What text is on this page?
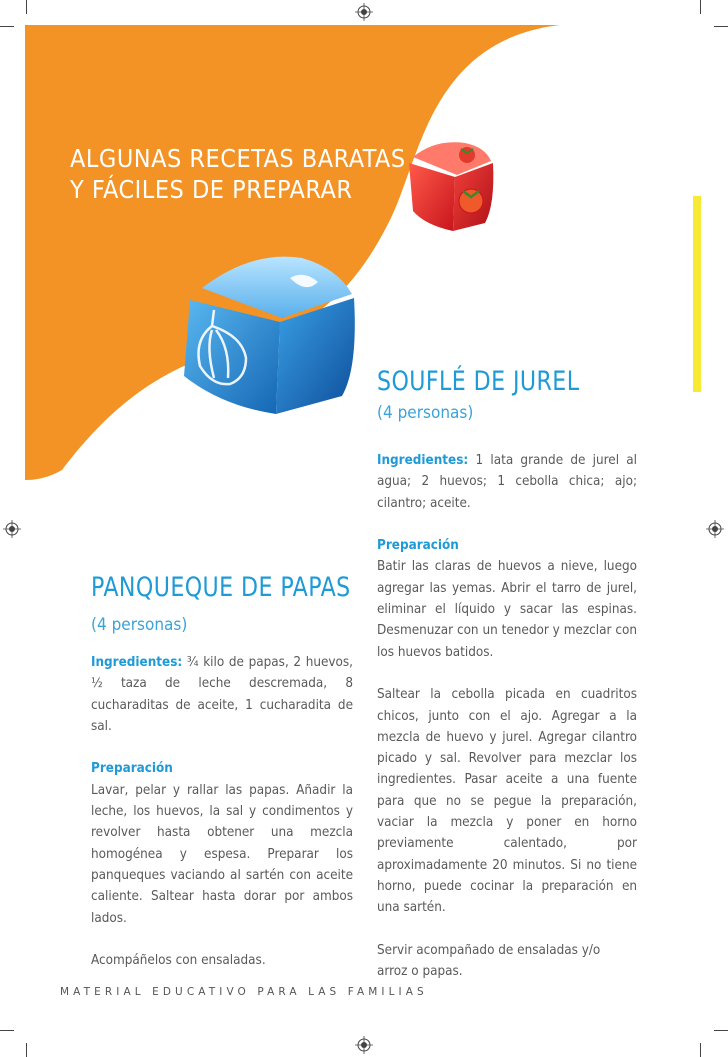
ALGUNAS RECETAS BARATAS
Y FÁCILES DE PREPARAR
SOUFLÉ DE JUREL
(4 personas)

Ingredientes: 1 lata grande de jurel al agua; 2 huevos; 1 cebolla chica; ajo; cilantro; aceite.

Preparación

Batir las claras de huevos a nieve, luego agregar las yemas. Abrir el tarro de jurel, eliminar el líquido y sacar las espinas. Desmenuzar con un tenedor y mezclar con los huevos batidos.

Saltear la cebolla picada en cuadritos chicos, junto con el ajo. Agregar a la mezcla de huevo y jurel. Agregar cilantro picado y sal. Revolver para mezclar los ingredientes. Pasar aceite a una fuente para que no se pegue la preparación, vaciar la mezcla y poner en horno previamente calentado, por aproximadamente 20 minutos. Si no tiene horno, puede cocinar la preparación en una sartén.

Servir acompañado de ensaladas y/o arroz o papas.

PANQUEQUE DE PAPAS
(4 personas)

Ingredientes: ¾ kilo de papas, 2 huevos, ½ taza de leche descremada, 8 cucharaditas de aceite, 1 cucharadita de sal.

Preparación

Lavar, pelar y rallar las papas. Añadir la leche, los huevos, la sal y condimentos y revolver hasta obtener una mezcla homogénea y espesa. Preparar los panqueques vaciando al sartén con aceite caliente. Saltear hasta dorar por ambos lados.

Acompáñelos con ensaladas.

MATERIAL EDUCATIVO PARA LAS FAMILIAS
